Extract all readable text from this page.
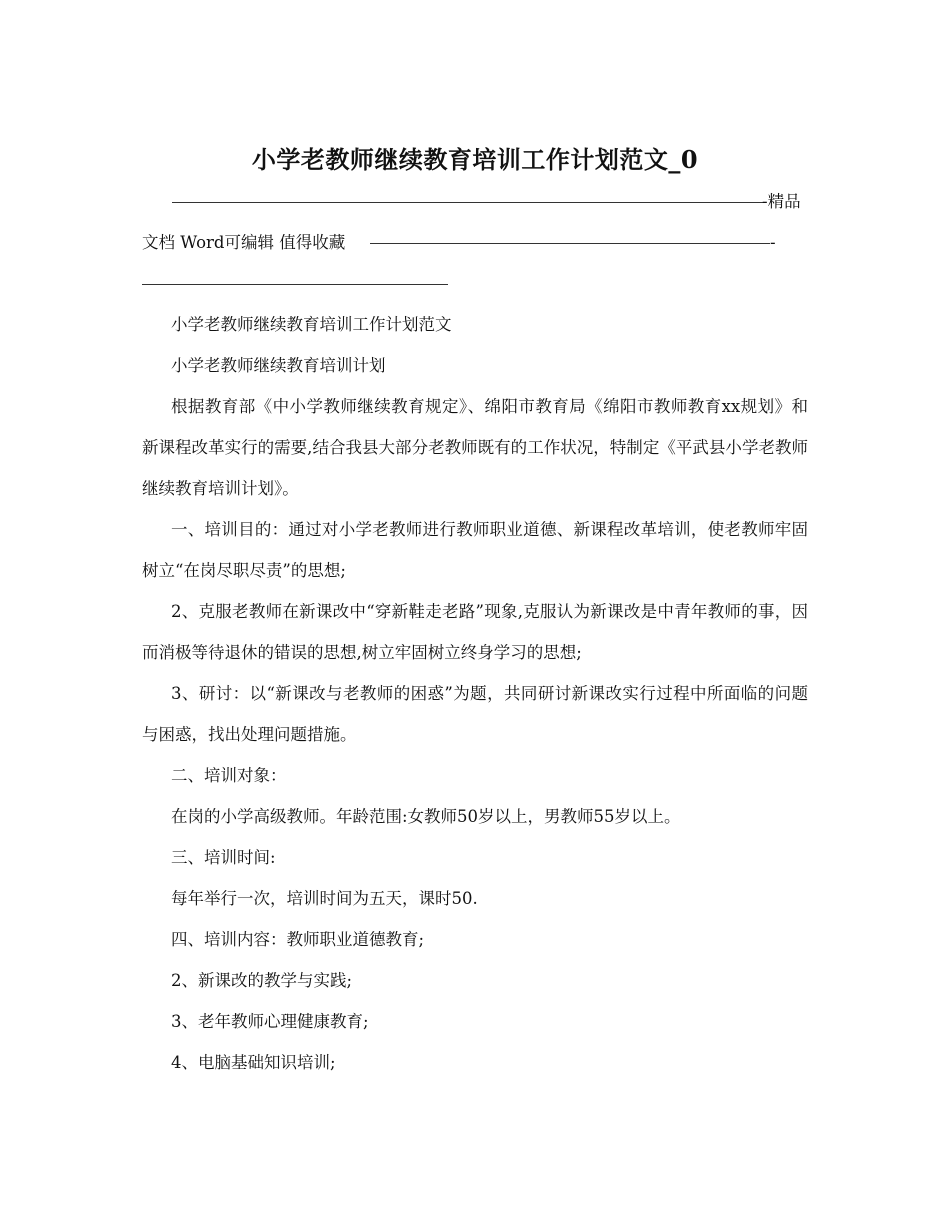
小学老教师继续教育培训工作计划范文_0
-精品
文档 Word可编辑 值得收藏	-

小学老教师继续教育培训工作计划范文

小学老教师继续教育培训计划

根据教育部《中小学教师继续教育规定》、绵阳市教育局《绵阳市教师教育xx规划》和新课程改革实行的需要,结合我县大部分老教师既有的工作状况，特制定《平武县小学老教师继续教育培训计划》。

一、培训目的：通过对小学老教师进行教师职业道德、新课程改革培训，使老教师牢固树立“在岗尽职尽责”的思想;

2、克服老教师在新课改中“穿新鞋走老路”现象,克服认为新课改是中青年教师的事，因而消极等待退休的错误的思想,树立牢固树立终身学习的思想;

3、研讨：以“新课改与老教师的困惑”为题，共同研讨新课改实行过程中所面临的问题与困惑，找出处理问题措施。

二、培训对象：

在岗的小学高级教师。年龄范围:女教师50岁以上，男教师55岁以上。

三、培训时间:

每年举行一次，培训时间为五天，课时50.

四、培训内容：教师职业道德教育;

2、新课改的教学与实践;

3、老年教师心理健康教育;

4、电脑基础知识培训;
